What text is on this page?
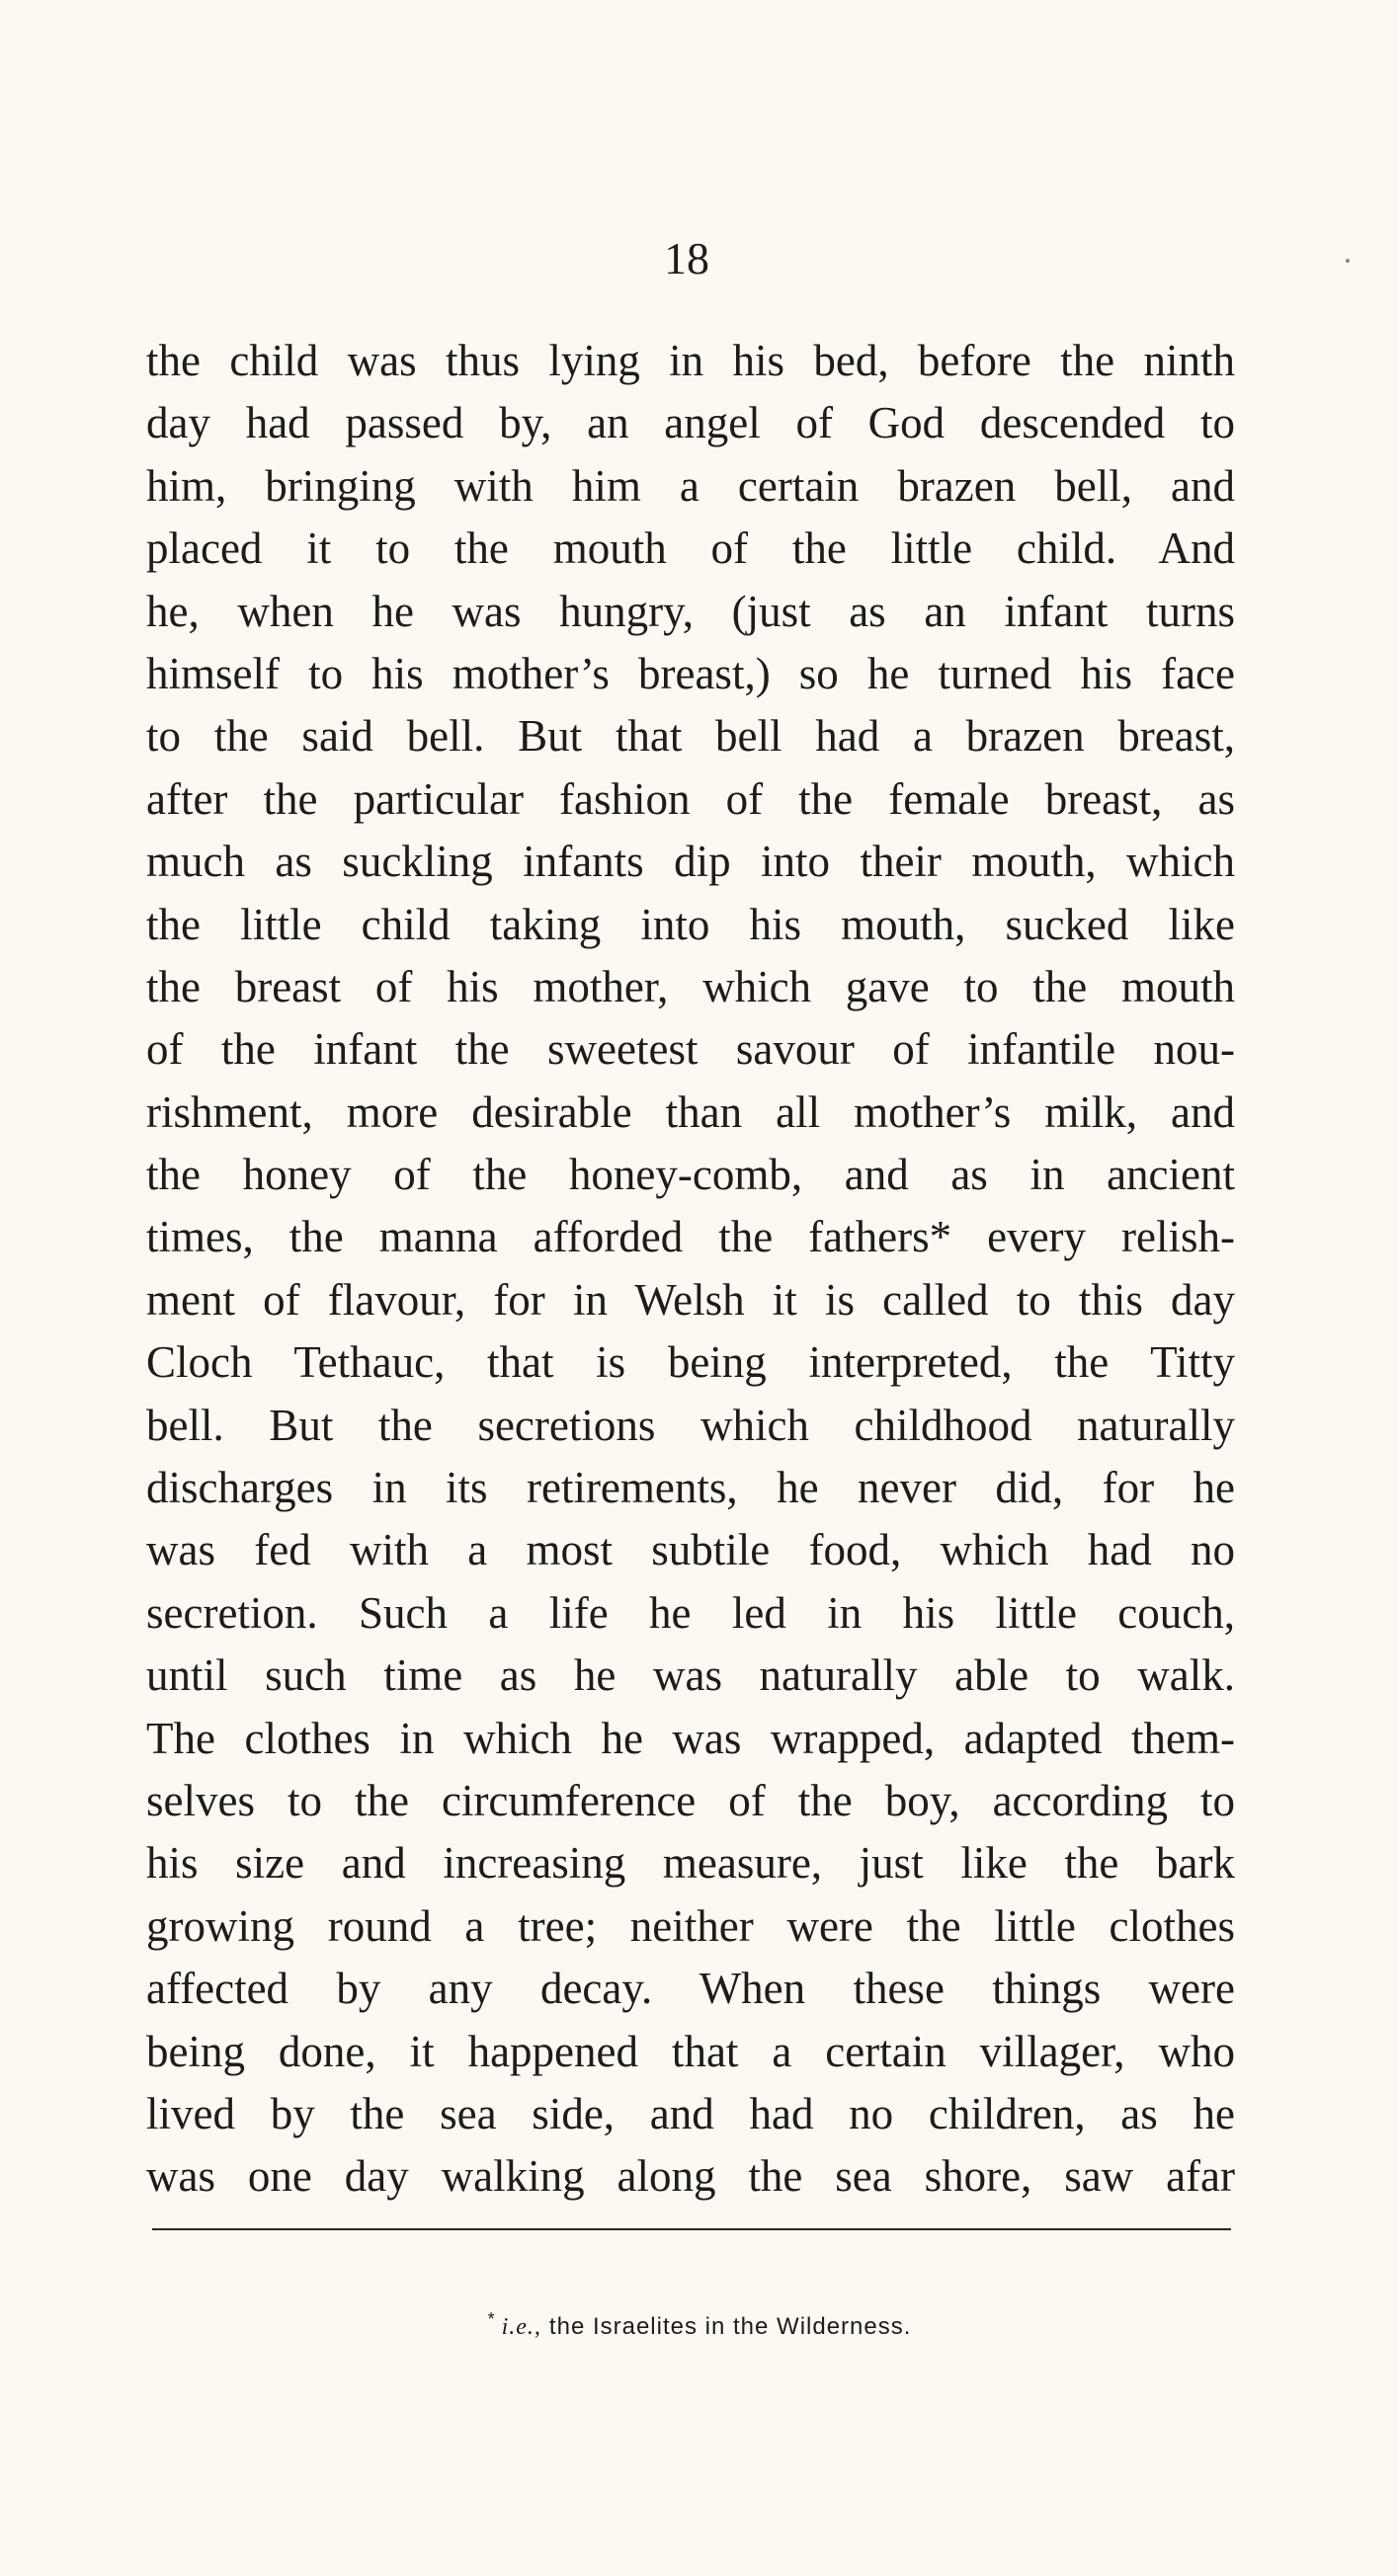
18
the child was thus lying in his bed, before the ninth
day had passed by, an angel of God descended to
him, bringing with him a certain brazen bell, and
placed it to the mouth of the little child. And
he, when he was hungry, (just as an infant turns
himself to his mother’s breast,) so he turned his face
to the said bell. But that bell had a brazen breast,
after the particular fashion of the female breast, as
much as suckling infants dip into their mouth, which
the little child taking into his mouth, sucked like
the breast of his mother, which gave to the mouth
of the infant the sweetest savour of infantile nou-
rishment, more desirable than all mother’s milk, and
the honey of the honey-comb, and as in ancient
times, the manna afforded the fathers* every relish-
ment of flavour, for in Welsh it is called to this day
Cloch Tethauc, that is being interpreted, the Titty
bell. But the secretions which childhood naturally
discharges in its retirements, he never did, for he
was fed with a most subtile food, which had no
secretion. Such a life he led in his little couch,
until such time as he was naturally able to walk.
The clothes in which he was wrapped, adapted them-
selves to the circumference of the boy, according to
his size and increasing measure, just like the bark
growing round a tree; neither were the little clothes
affected by any decay. When these things were
being done, it happened that a certain villager, who
lived by the sea side, and had no children, as he
was one day walking along the sea shore, saw afar
* i.e., the Israelites in the Wilderness.
